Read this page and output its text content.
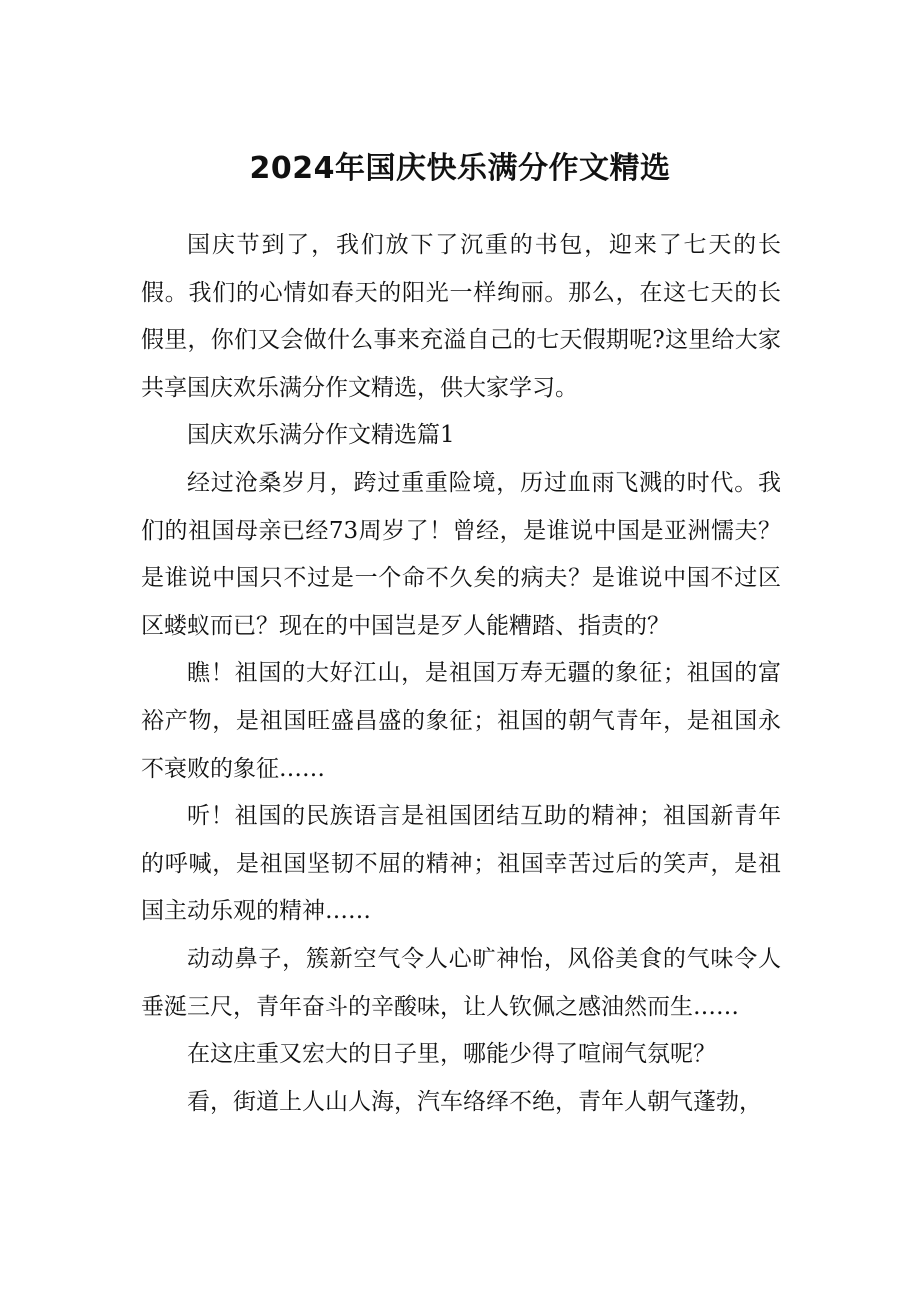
2024年国庆快乐满分作文精选

国庆节到了，我们放下了沉重的书包，迎来了七天的长假。我们的心情如春天的阳光一样绚丽。那么，在这七天的长假里，你们又会做什么事来充溢自己的七天假期呢?这里给大家共享国庆欢乐满分作文精选，供大家学习。

国庆欢乐满分作文精选篇1

经过沧桑岁月，跨过重重险境，历过血雨飞溅的时代。我们的祖国母亲已经73周岁了！曾经，是谁说中国是亚洲懦夫？是谁说中国只不过是一个命不久矣的病夫？是谁说中国不过区区蝼蚁而已？现在的中国岂是歹人能糟踏、指责的？

瞧！祖国的大好江山，是祖国万寿无疆的象征；祖国的富裕产物，是祖国旺盛昌盛的象征；祖国的朝气青年，是祖国永不衰败的象征……

听！祖国的民族语言是祖国团结互助的精神；祖国新青年的呼喊，是祖国坚韧不屈的精神；祖国幸苦过后的笑声，是祖国主动乐观的精神……

动动鼻子，簇新空气令人心旷神怡，风俗美食的气味令人垂涎三尺，青年奋斗的辛酸味，让人钦佩之感油然而生……

在这庄重又宏大的日子里，哪能少得了喧闹气氛呢？

看，街道上人山人海，汽车络绎不绝，青年人朝气蓬勃，
